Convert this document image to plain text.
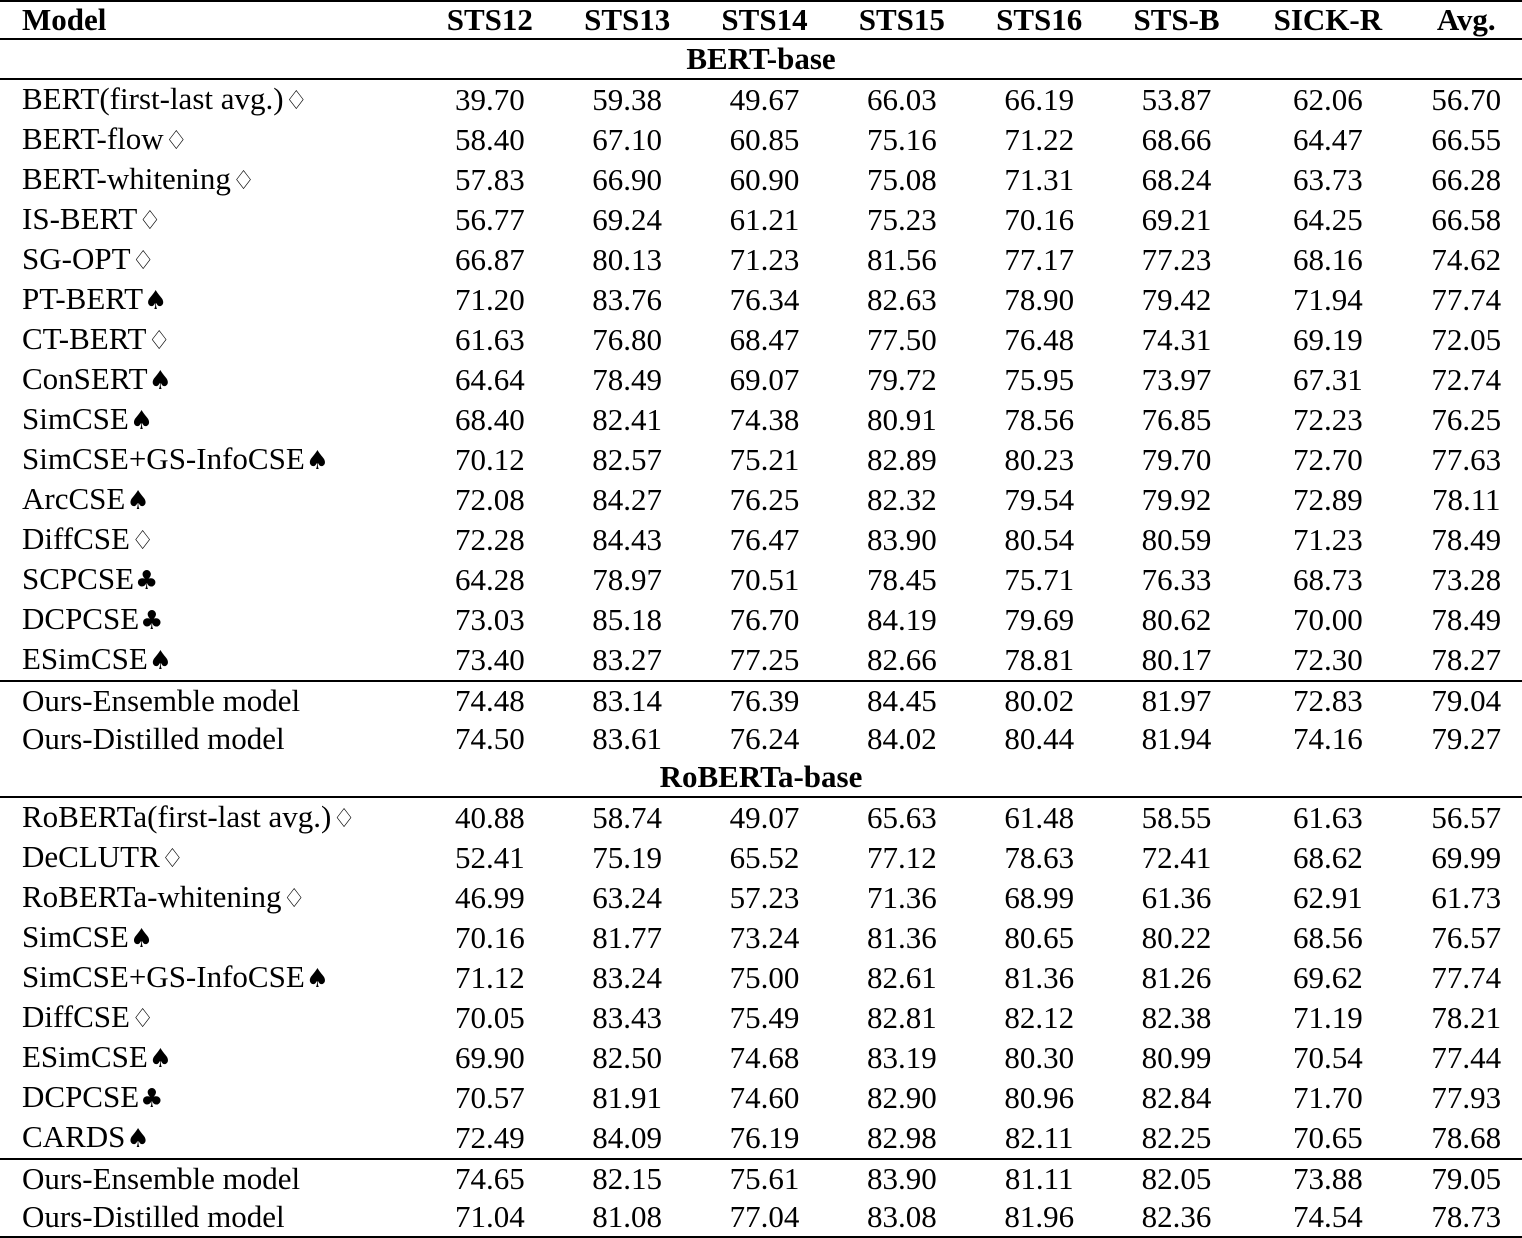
Model	STS12	STS13	STS14	STS15	STS16	STS-B	SICK-R	Avg.
BERT-base								
BERT(first-last avg.)♢	39.70	59.38	49.67	66.03	66.19	53.87	62.06	56.70
BERT-flow♢	58.40	67.10	60.85	75.16	71.22	68.66	64.47	66.55
BERT-whitening♢	57.83	66.90	60.90	75.08	71.31	68.24	63.73	66.28
IS-BERT♢	56.77	69.24	61.21	75.23	70.16	69.21	64.25	66.58
SG-OPT♢	66.87	80.13	71.23	81.56	77.17	77.23	68.16	74.62
PT-BERT♠	71.20	83.76	76.34	82.63	78.90	79.42	71.94	77.74
CT-BERT♢	61.63	76.80	68.47	77.50	76.48	74.31	69.19	72.05
ConSERT♠	64.64	78.49	69.07	79.72	75.95	73.97	67.31	72.74
SimCSE♠	68.40	82.41	74.38	80.91	78.56	76.85	72.23	76.25
SimCSE+GS-InfoCSE♠	70.12	82.57	75.21	82.89	80.23	79.70	72.70	77.63
ArcCSE♠	72.08	84.27	76.25	82.32	79.54	79.92	72.89	78.11
DiffCSE♢	72.28	84.43	76.47	83.90	80.54	80.59	71.23	78.49
SCPCSE♣	64.28	78.97	70.51	78.45	75.71	76.33	68.73	73.28
DCPCSE♣	73.03	85.18	76.70	84.19	79.69	80.62	70.00	78.49
ESimCSE♠	73.40	83.27	77.25	82.66	78.81	80.17	72.30	78.27
Ours-Ensemble model	74.48	83.14	76.39	84.45	80.02	81.97	72.83	79.04
Ours-Distilled model	74.50	83.61	76.24	84.02	80.44	81.94	74.16	79.27
RoBERTa-base								
RoBERTa(first-last avg.)♢	40.88	58.74	49.07	65.63	61.48	58.55	61.63	56.57
DeCLUTR♢	52.41	75.19	65.52	77.12	78.63	72.41	68.62	69.99
RoBERTa-whitening♢	46.99	63.24	57.23	71.36	68.99	61.36	62.91	61.73
SimCSE♠	70.16	81.77	73.24	81.36	80.65	80.22	68.56	76.57
SimCSE+GS-InfoCSE♠	71.12	83.24	75.00	82.61	81.36	81.26	69.62	77.74
DiffCSE♢	70.05	83.43	75.49	82.81	82.12	82.38	71.19	78.21
ESimCSE♠	69.90	82.50	74.68	83.19	80.30	80.99	70.54	77.44
DCPCSE♣	70.57	81.91	74.60	82.90	80.96	82.84	71.70	77.93
CARDS♠	72.49	84.09	76.19	82.98	82.11	82.25	70.65	78.68
Ours-Ensemble model	74.65	82.15	75.61	83.90	81.11	82.05	73.88	79.05
Ours-Distilled model	71.04	81.08	77.04	83.08	81.96	82.36	74.54	78.73
